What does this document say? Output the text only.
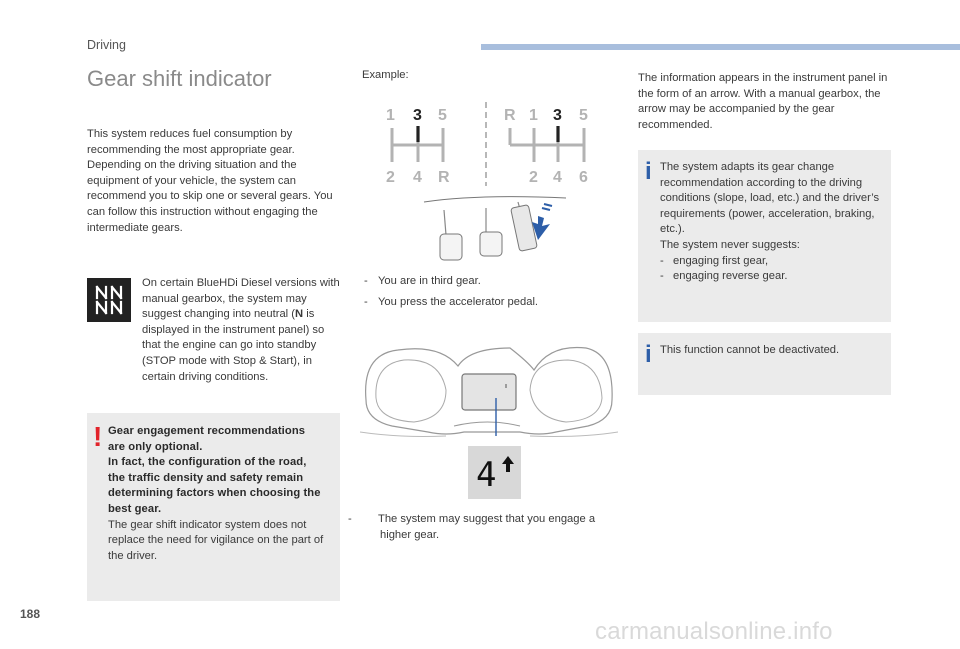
Driving
Gear shift indicator

This system reduces fuel consumption by recommending the most appropriate gear. Depending on the driving situation and the equipment of your vehicle, the system can recommend you to skip one or several gears. You can follow this instruction without engaging the intermediate gears.

On certain BlueHDi Diesel versions with manual gearbox, the system may suggest changing into neutral (N is displayed in the instrument panel) so that the engine can go into standby (STOP mode with Stop & Start), in certain driving conditions.

! Gear engagement recommendations
are only optional.
In fact, the configuration of the road,
the traffic density and safety remain
determining factors when choosing the
best gear.
The gear shift indicator system does not replace the need for vigilance on the part of the driver.

Example:
1 3 5
2 4 R
R 1 3 5
2 4 6
- You are in third gear.
- You press the accelerator pedal.
4
- The system may suggest that you engage a higher gear.

The information appears in the instrument panel in the form of an arrow. With a manual gearbox, the arrow may be accompanied by the gear recommended.

i The system adapts its gear change recommendation according to the driving conditions (slope, load, etc.) and the driver’s requirements (power, acceleration, braking, etc.).
The system never suggests:
- engaging first gear,
- engaging reverse gear.
i This function cannot be deactivated.
188
carmanualsonline.info
